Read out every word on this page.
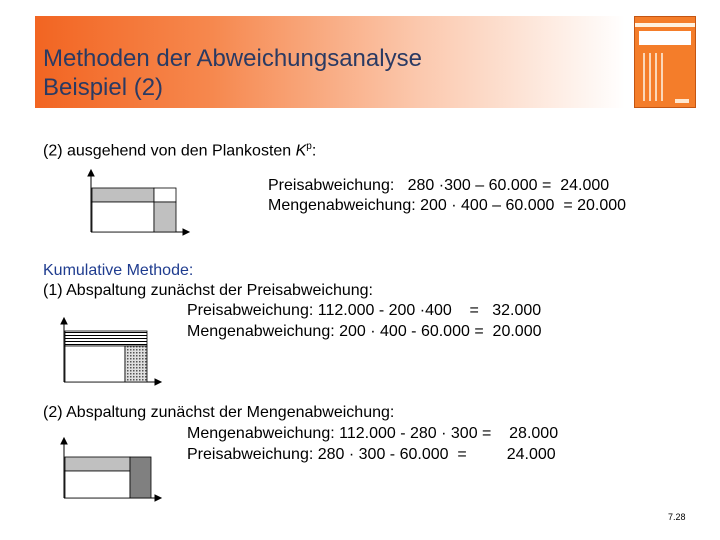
Methoden der Abweichungsanalyse
Beispiel (2)
(2) ausgehend von den Plankosten $K^p$:
Preisabweichung:   280 ·300 – 60.000 =  24.000
Mengenabweichung: 200 · 400 – 60.000  = 20.000
Kumulative Methode:
(1) Abspaltung zunächst der Preisabweichung:
Preisabweichung: 112.000 - 200 ·400    =   32.000
Mengenabweichung: 200 · 400 - 60.000 =  20.000
(2) Abspaltung zunächst der Mengenabweichung:
Mengenabweichung: 112.000 - 280 · 300 =    28.000
Preisabweichung: 280 · 300 - 60.000  =         24.000
7.28
